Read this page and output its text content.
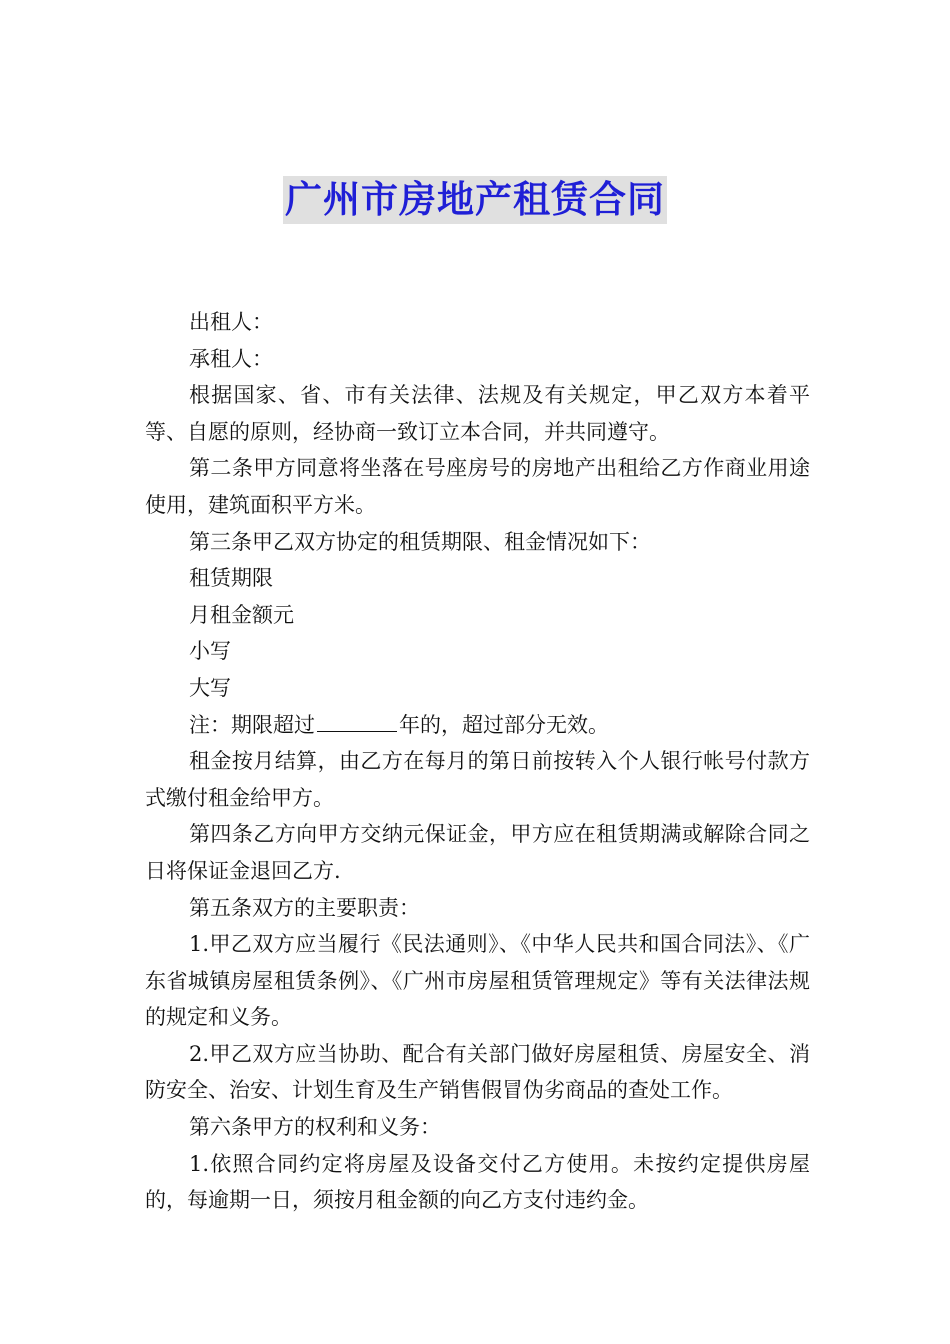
广州市房地产租赁合同

出租人：

承租人：

根据国家、省、市有关法律、法规及有关规定，甲乙双方本着平等、自愿的原则，经协商一致订立本合同，并共同遵守。

第二条甲方同意将坐落在号座房号的房地产出租给乙方作商业用途使用，建筑面积平方米。

第三条甲乙双方协定的租赁期限、租金情况如下：

租赁期限

月租金额元

小写

大写

注：期限超过	年的，超过部分无效。

租金按月结算，由乙方在每月的第日前按转入个人银行帐号付款方式缴付租金给甲方。

第四条乙方向甲方交纳元保证金，甲方应在租赁期满或解除合同之日将保证金退回乙方.

第五条双方的主要职责：

1.甲乙双方应当履行《民法通则》、《中华人民共和国合同法》、《广东省城镇房屋租赁条例》、《广州市房屋租赁管理规定》等有关法律法规的规定和义务。

2.甲乙双方应当协助、配合有关部门做好房屋租赁、房屋安全、消防安全、治安、计划生育及生产销售假冒伪劣商品的查处工作。

第六条甲方的权利和义务：

1.依照合同约定将房屋及设备交付乙方使用。未按约定提供房屋的，每逾期一日，须按月租金额的向乙方支付违约金。
